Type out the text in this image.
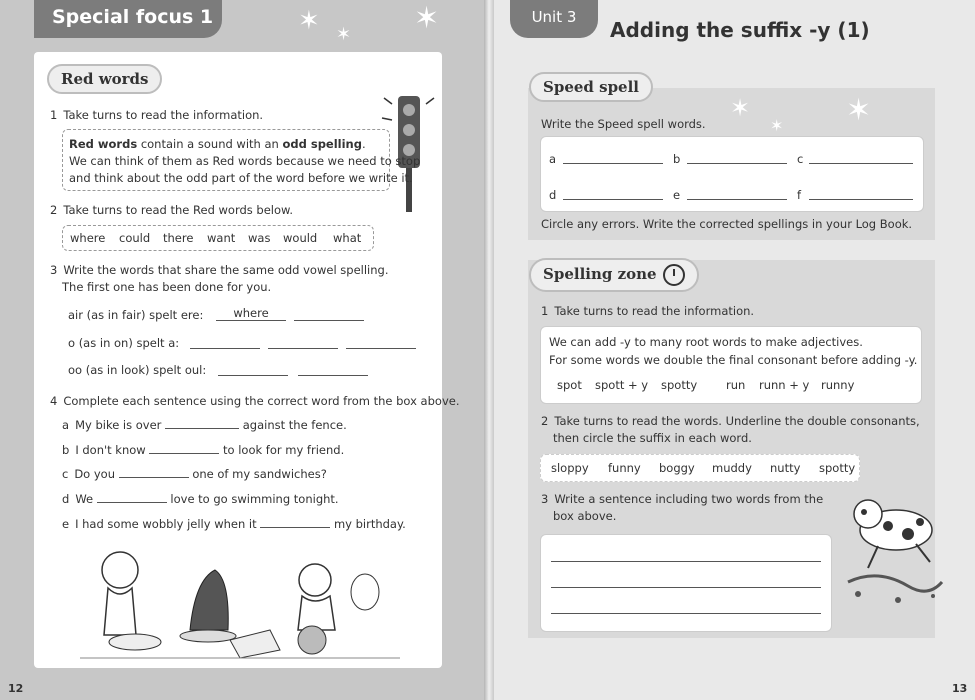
Special focus 1	✶ ✶ ✶
Red words
1 Take turns to read the information.
Red words contain a sound with an odd spelling.
We can think of them as Red words because we need to stop
and think about the odd part of the word before we write it.
2 Take turns to read the Red words below.
where could there want was would what
3 Write the words that share the same odd vowel spelling.
The first one has been done for you.
air (as in fair) spelt ere:	where
o (as in on) spelt a:
oo (as in look) spelt oul:
4 Complete each sentence using the correct word from the box above.
a My bike is over	against the fence.
b I don't know	to look for my friend.
c Do you	one of my sandwiches?
d We	love to go swimming tonight.
e I had some wobbly jelly when it	my birthday.
12
Unit 3
Adding the suffix -y (1)
✶
✶ ✶
Speed spell
Write the Speed spell words.
a	b	c
d	e	f
Circle any errors. Write the corrected spellings in your Log Book.
Spelling zone
1 Take turns to read the information.
We can add -y to many root words to make adjectives.
For some words we double the final consonant before adding -y.
spot spott + y spotty	run runn + y runny
2 Take turns to read the words. Underline the double consonants,
then circle the suffix in each word.
sloppy funny boggy muddy nutty spotty
3 Write a sentence including two words from the
box above.
13
